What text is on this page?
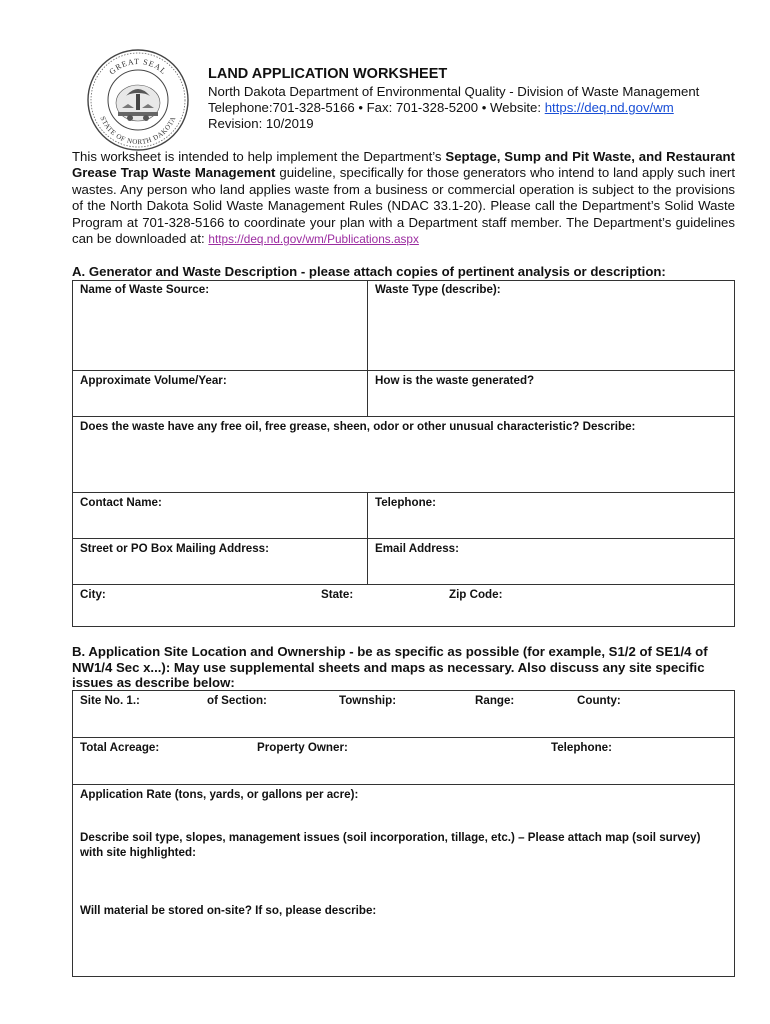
GREAT SEAL
STATE OF NORTH DAKOTA
LAND APPLICATION WORKSHEET
North Dakota Department of Environmental Quality - Division of Waste Management
Telephone:701-328-5166 • Fax: 701-328-5200 • Website: https://deq.nd.gov/wm
Revision: 10/2019
This worksheet is intended to help implement the Department’s Septage, Sump and Pit Waste, and Restaurant Grease Trap Waste Management guideline, specifically for those generators who intend to land apply such inert wastes. Any person who land applies waste from a business or commercial operation is subject to the provisions of the North Dakota Solid Waste Management Rules (NDAC 33.1-20). Please call the Department’s Solid Waste Program at 701-328-5166 to coordinate your plan with a Department staff member. The Department’s guidelines can be downloaded at: https://deq.nd.gov/wm/Publications.aspx
A. Generator and Waste Description - please attach copies of pertinent analysis or description:
Name of Waste Source:	Waste Type (describe):
Approximate Volume/Year:	How is the waste generated?
Does the waste have any free oil, free grease, sheen, odor or other unusual characteristic? Describe:
Contact Name:	Telephone:
Street or PO Box Mailing Address:	Email Address:
City:	State:	Zip Code:
B. Application Site Location and Ownership - be as specific as possible (for example, S1/2 of SE1/4 of NW1/4 Sec x...): May use supplemental sheets and maps as necessary. Also discuss any site specific issues as describe below:
Site No. 1.:	of Section:	Township:	Range:	County:
Total Acreage:	Property Owner:	Telephone:
Application Rate (tons, yards, or gallons per acre):
Describe soil type, slopes, management issues (soil incorporation, tillage, etc.) – Please attach map (soil survey) with site highlighted:
Will material be stored on-site? If so, please describe:
